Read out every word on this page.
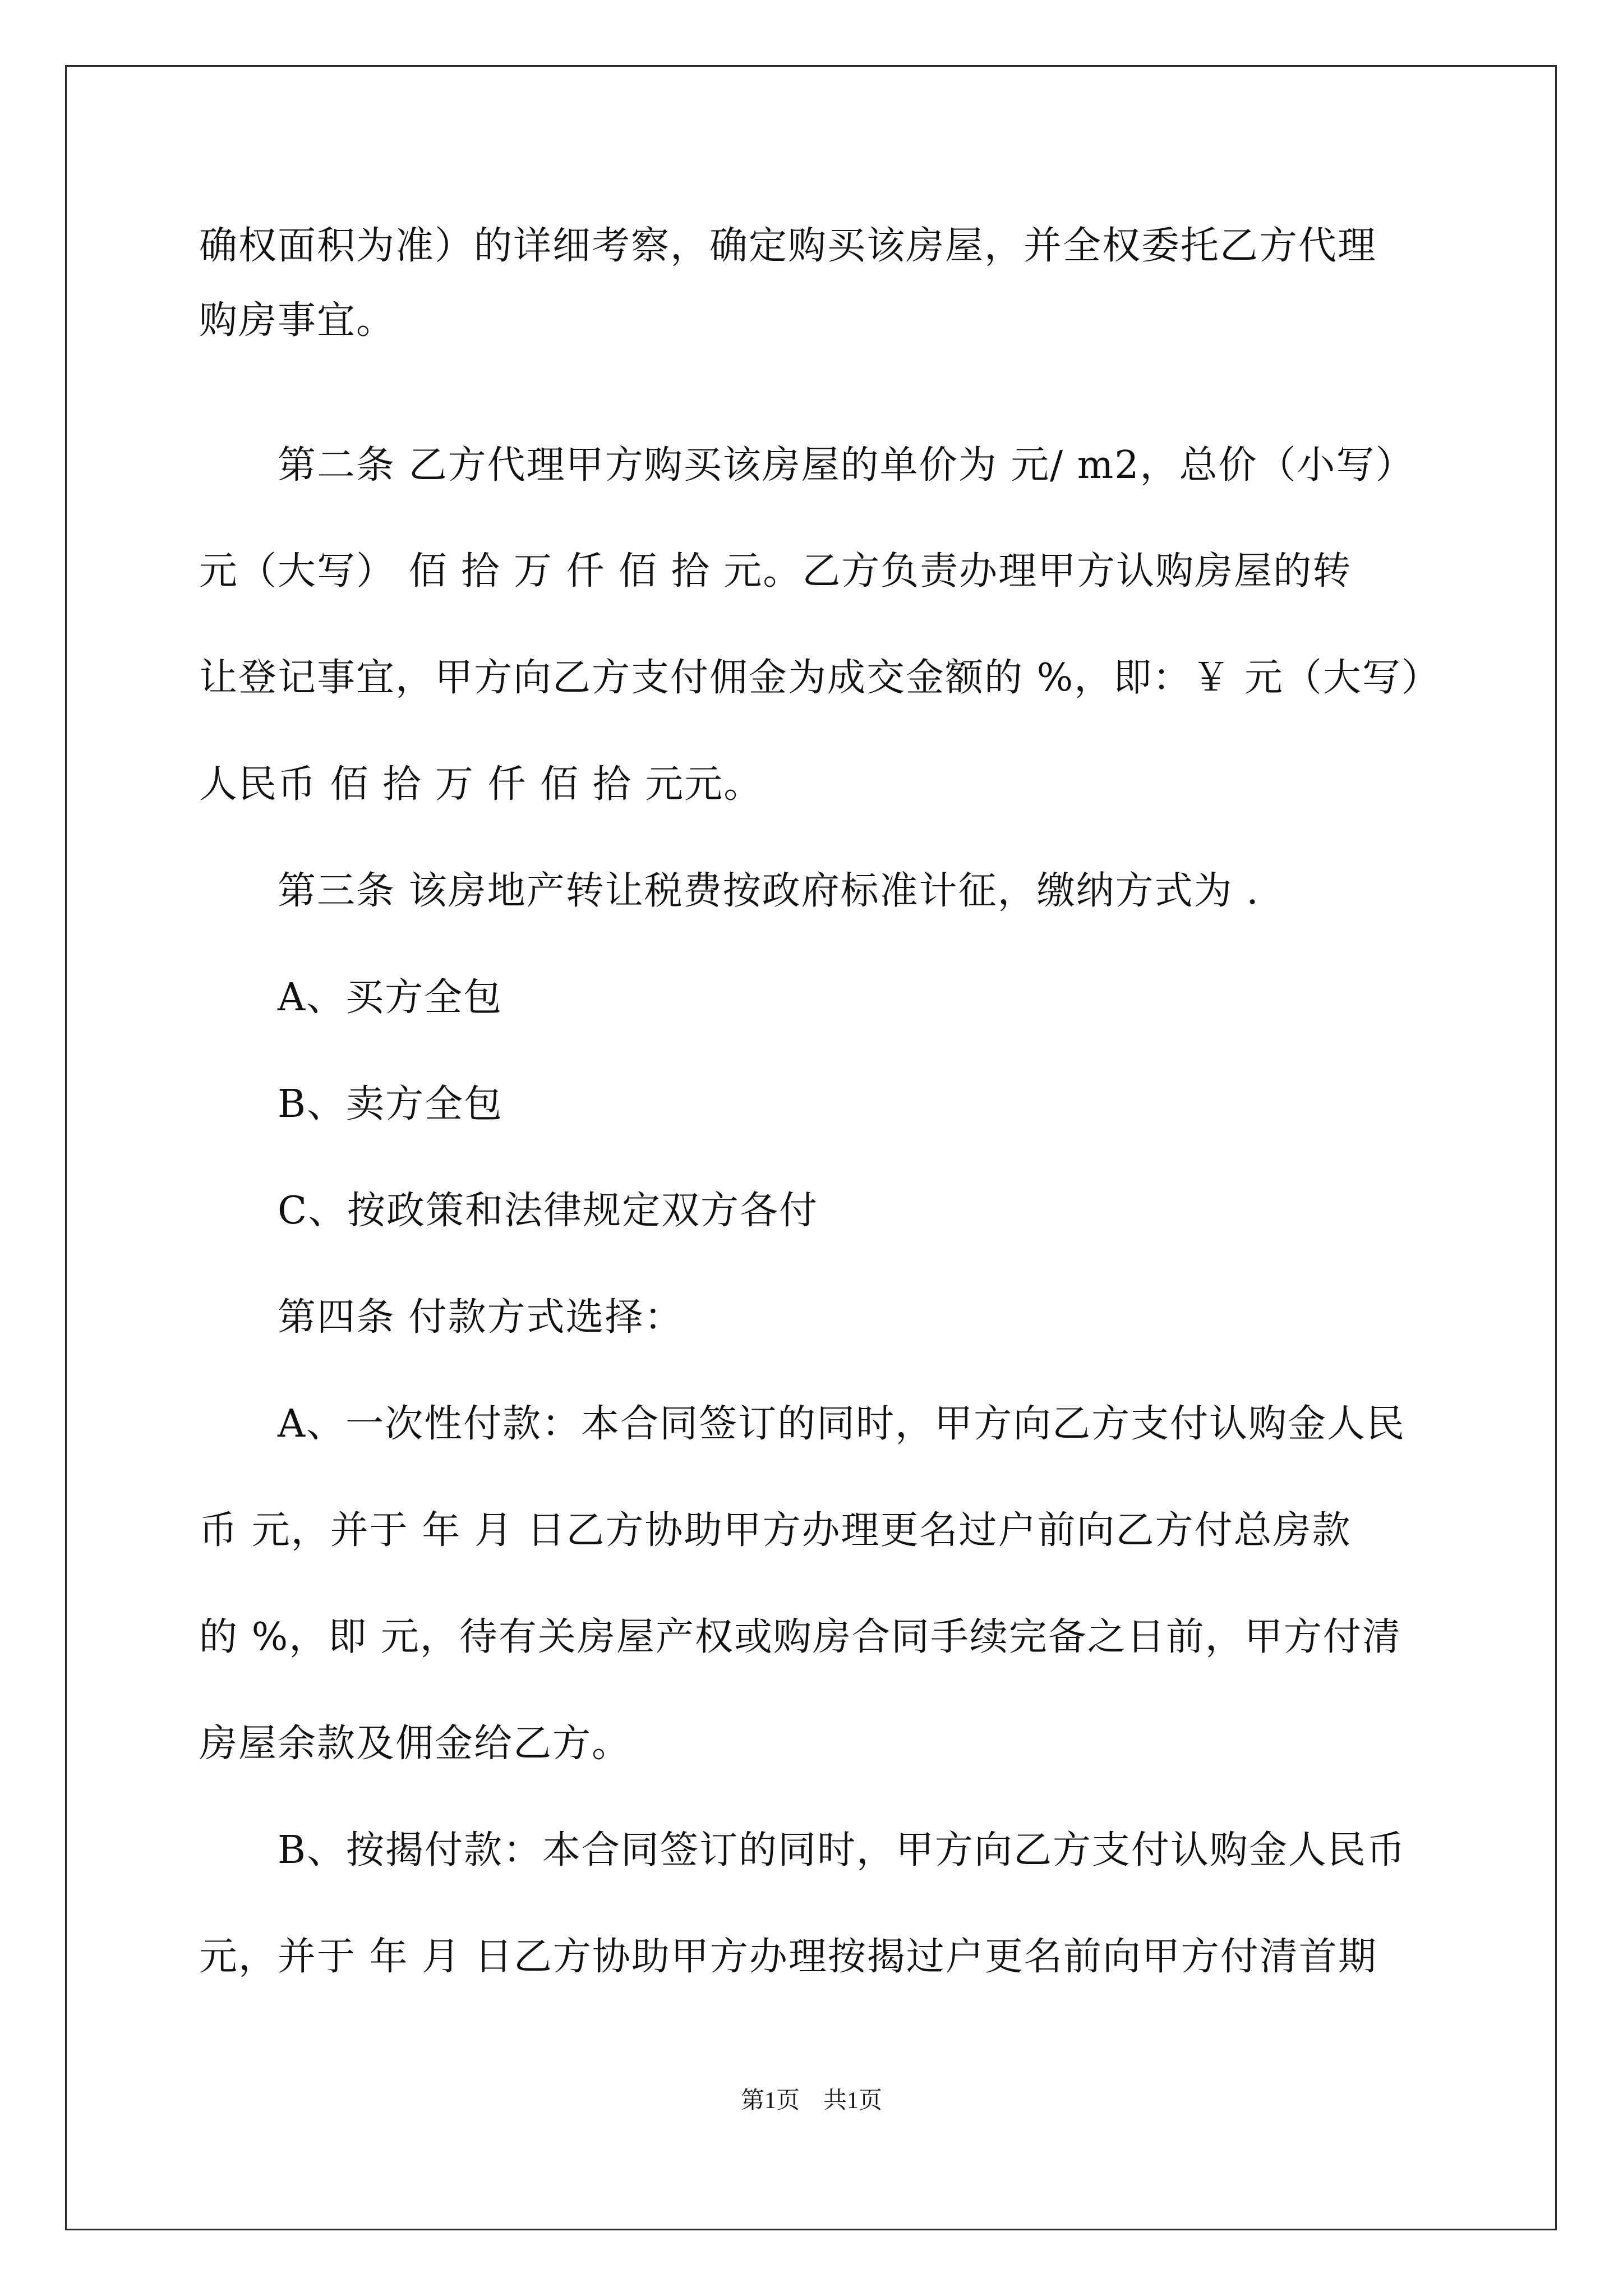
确权面积为准）的详细考察，确定购买该房屋，并全权委托乙方代理

购房事宜。

第二条 乙方代理甲方购买该房屋的单价为 元/ m2，总价（小写）

元（大写） 佰 拾 万 仟 佰 拾 元。乙方负责办理甲方认购房屋的转

让登记事宜，甲方向乙方支付佣金为成交金额的 %，即：￥ 元（大写）

人民币 佰 拾 万 仟 佰 拾 元元。

第三条 该房地产转让税费按政府标准计征，缴纳方式为 .

A、买方全包

B、卖方全包

C、按政策和法律规定双方各付

第四条 付款方式选择：

A、一次性付款：本合同签订的同时，甲方向乙方支付认购金人民

币 元，并于 年 月 日乙方协助甲方办理更名过户前向乙方付总房款

的 %，即 元，待有关房屋产权或购房合同手续完备之日前，甲方付清

房屋余款及佣金给乙方。

B、按揭付款：本合同签订的同时，甲方向乙方支付认购金人民币

元，并于 年 月 日乙方协助甲方办理按揭过户更名前向甲方付清首期

第1页　共1页
